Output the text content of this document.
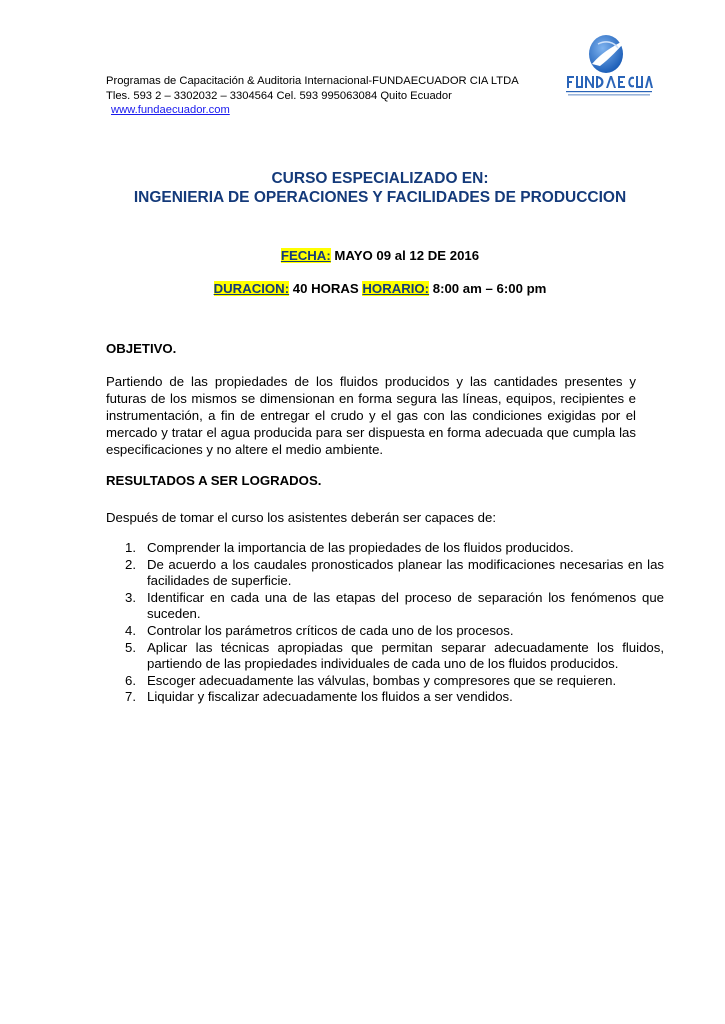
Programas de Capacitación & Auditoria Internacional-FUNDAECUADOR CIA LTDA
Tles. 593 2 – 3302032 – 3304564 Cel. 593 995063084 Quito Ecuador
www.fundaecuador.com
CURSO ESPECIALIZADO EN:
INGENIERIA DE OPERACIONES Y FACILIDADES DE PRODUCCION
FECHA: MAYO 09 al 12 DE 2016
DURACION: 40 HORAS HORARIO: 8:00 am – 6:00 pm
OBJETIVO.
Partiendo de las propiedades de los fluidos producidos y las cantidades presentes y futuras de los mismos se dimensionan en forma segura las líneas, equipos, recipientes e instrumentación, a fin de entregar el crudo y el gas con las condiciones exigidas por el mercado y tratar el agua producida para ser dispuesta en forma adecuada que cumpla las especificaciones y no altere el medio ambiente.
RESULTADOS A SER LOGRADOS.
Después de tomar el curso los asistentes deberán ser capaces de:
1. Comprender la importancia de las propiedades de los fluidos producidos.
2. De acuerdo a los caudales pronosticados planear las modificaciones necesarias en las facilidades de superficie.
3. Identificar en cada una de las etapas del proceso de separación los fenómenos que suceden.
4. Controlar los parámetros críticos de cada uno de los procesos.
5. Aplicar las técnicas apropiadas que permitan separar adecuadamente los fluidos, partiendo de las propiedades individuales de cada uno de los fluidos producidos.
6. Escoger adecuadamente las válvulas, bombas y compresores que se requieren.
7. Liquidar y fiscalizar adecuadamente los fluidos a ser vendidos.
